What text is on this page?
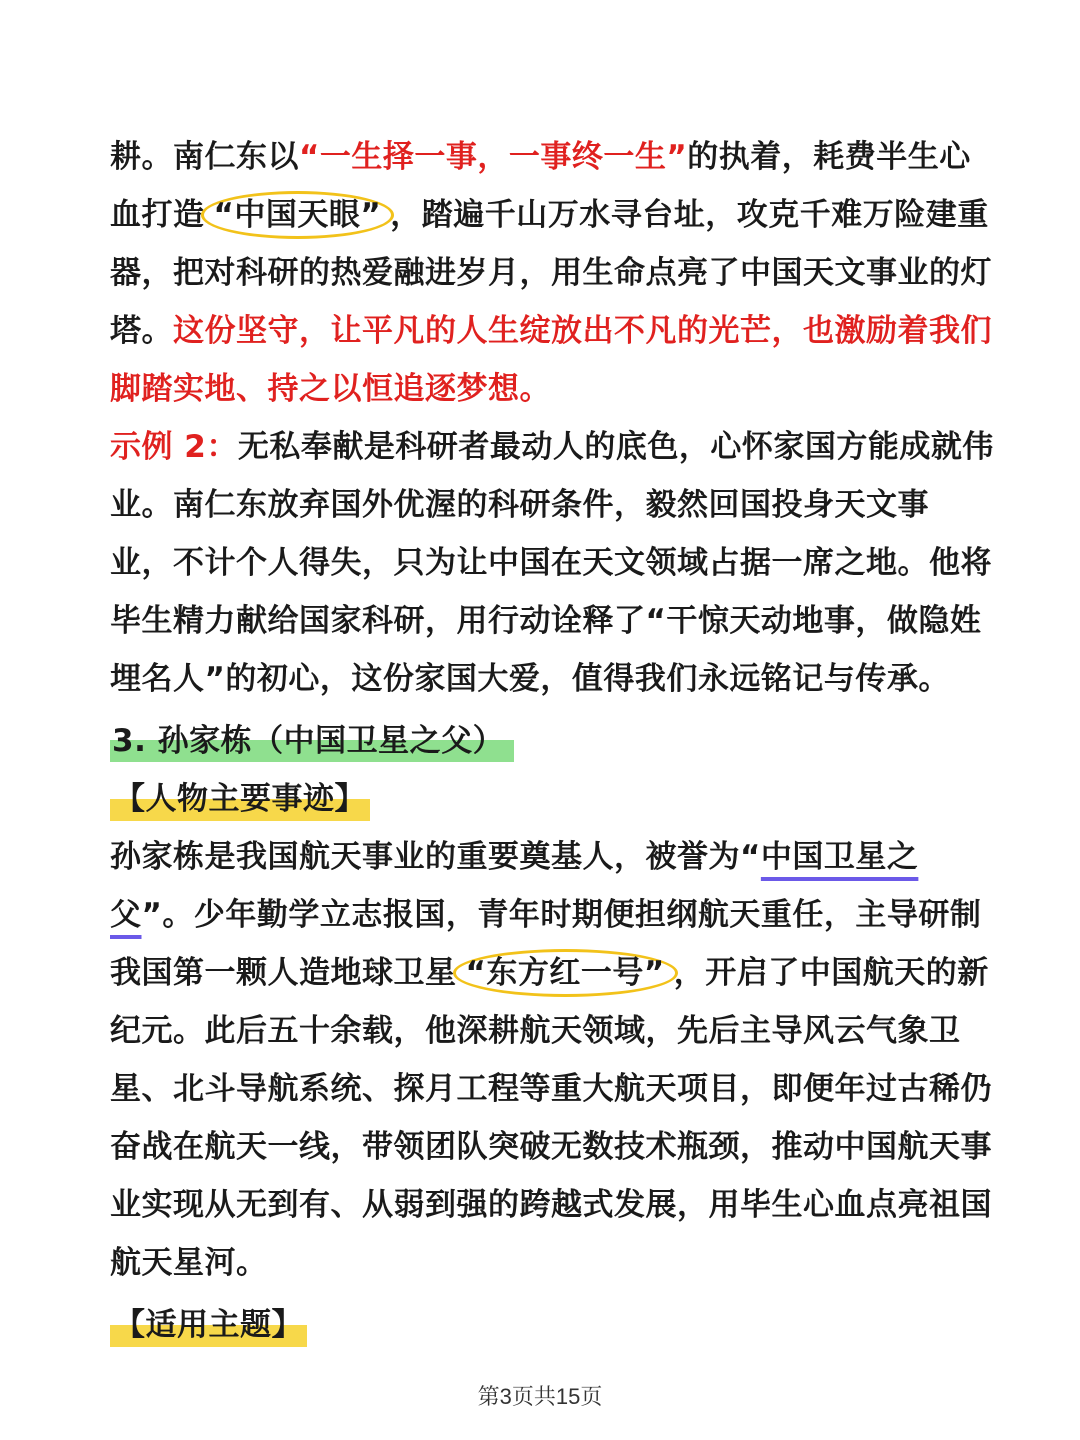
耕。南仁东以“一生择一事，一事终一生”的执着，耗费半生心
血打造 “中国天眼” ，踏遍千山万水寻台址，攻克千难万险建重
器，把对科研的热爱融进岁月，用生命点亮了中国天文事业的灯
塔。这份坚守，让平凡的人生绽放出不凡的光芒，也激励着我们
脚踏实地、持之以恒追逐梦想。
示例 2：无私奉献是科研者最动人的底色，心怀家国方能成就伟
业。南仁东放弃国外优渥的科研条件，毅然回国投身天文事
业，不计个人得失，只为让中国在天文领域占据一席之地。他将
毕生精力献给国家科研，用行动诠释了“干惊天动地事，做隐姓
埋名人”的初心，这份家国大爱，值得我们永远铭记与传承。
3. 孙家栋（中国卫星之父）
【人物主要事迹】
孙家栋是我国航天事业的重要奠基人，被誉为“中国卫星之
父”。少年勤学立志报国，青年时期便担纲航天重任，主导研制
我国第一颗人造地球卫星 “东方红一号” ，开启了中国航天的新
纪元。此后五十余载，他深耕航天领域，先后主导风云气象卫
星、北斗导航系统、探月工程等重大航天项目，即便年过古稀仍
奋战在航天一线，带领团队突破无数技术瓶颈，推动中国航天事
业实现从无到有、从弱到强的跨越式发展，用毕生心血点亮祖国
航天星河。
【适用主题】
第3页共15页
